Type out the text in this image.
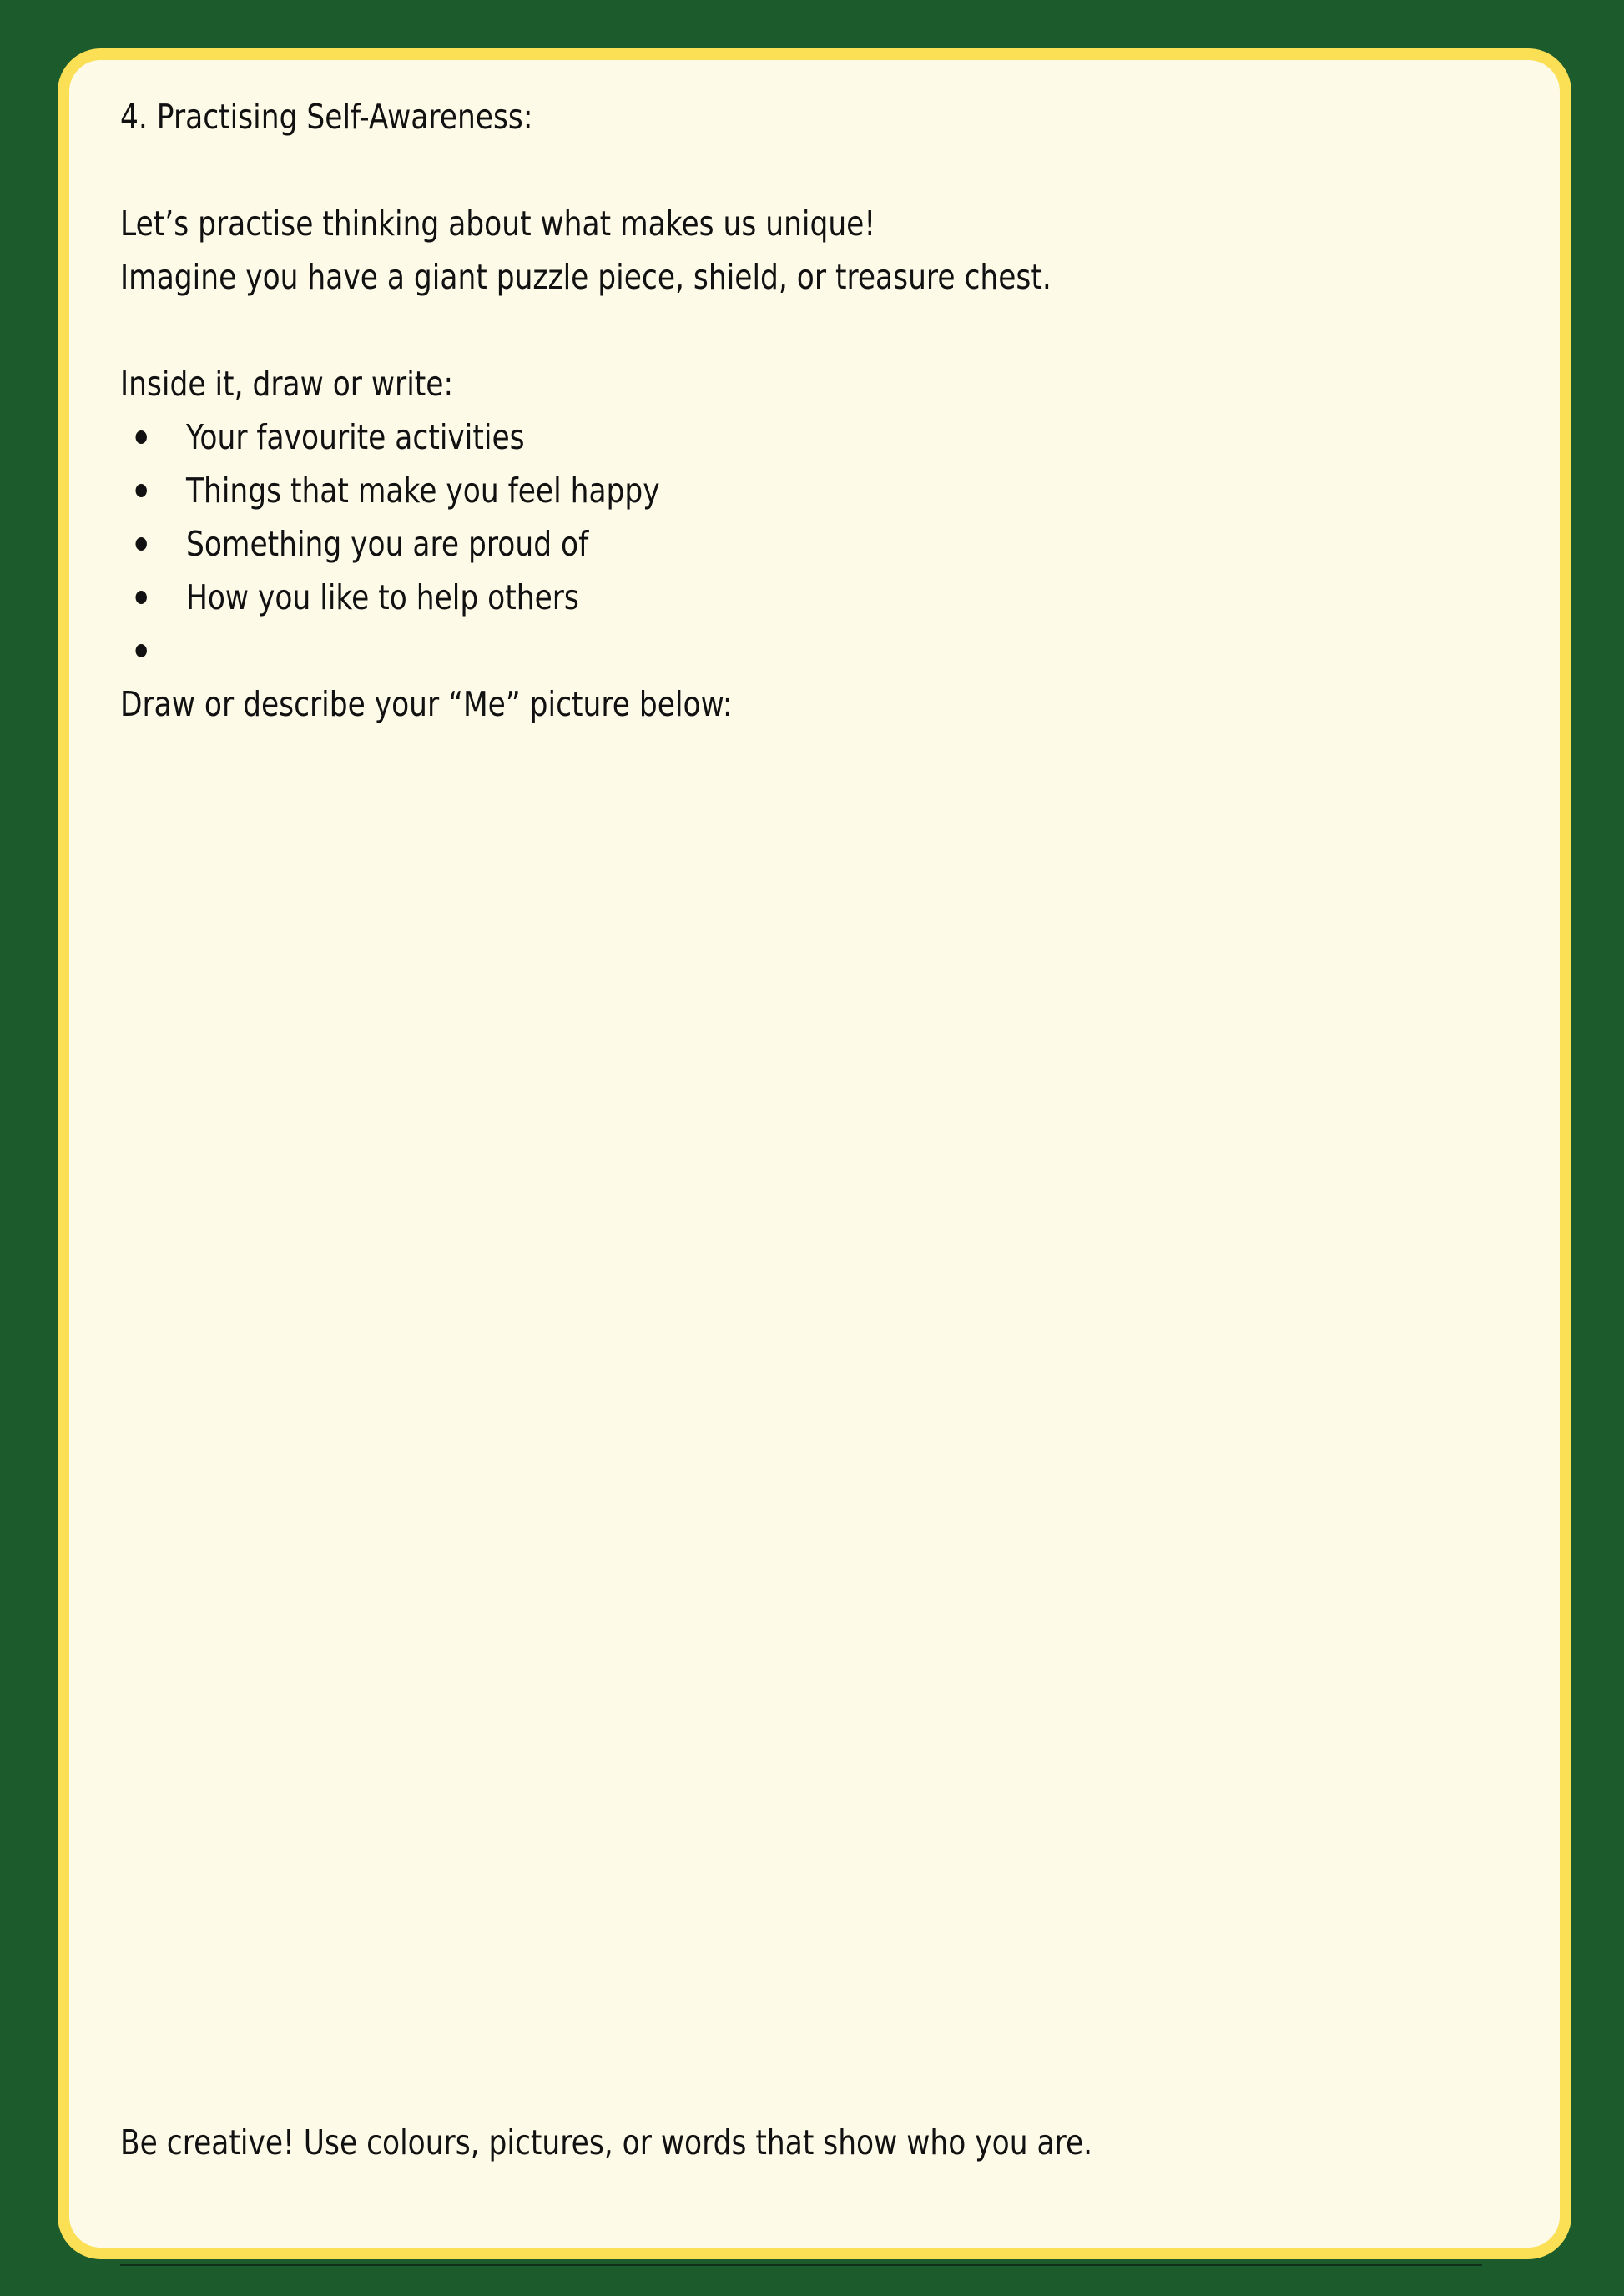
4. Practising Self-Awareness:
Let’s practise thinking about what makes us unique!
Imagine you have a giant puzzle piece, shield, or treasure chest.
Inside it, draw or write:
Your favourite activities
Things that make you feel happy
Something you are proud of
How you like to help others
Draw or describe your “Me” picture below:
Be creative! Use colours, pictures, or words that show who you are.
